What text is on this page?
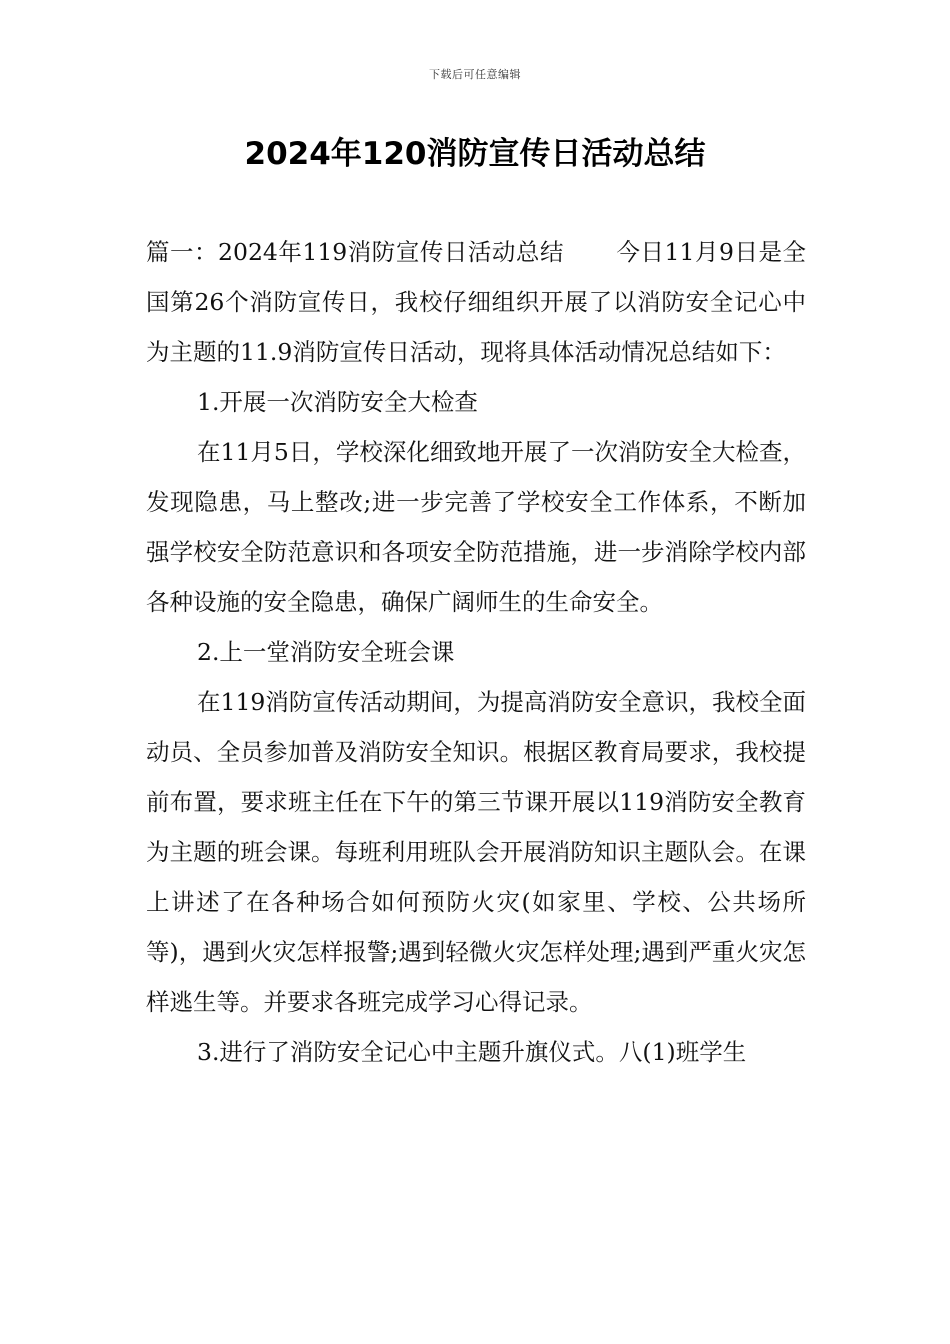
下载后可任意编辑
2024年120消防宣传日活动总结

篇一：2024年119消防宣传日活动总结 今日11月9日是全国第26个消防宣传日，我校仔细组织开展了以消防安全记心中为主题的11.9消防宣传日活动，现将具体活动情况总结如下：

1.开展一次消防安全大检查

在11月5日，学校深化细致地开展了一次消防安全大检查，发现隐患，马上整改;进一步完善了学校安全工作体系，不断加强学校安全防范意识和各项安全防范措施，进一步消除学校内部各种设施的安全隐患，确保广阔师生的生命安全。

2.上一堂消防安全班会课

在119消防宣传活动期间，为提高消防安全意识，我校全面动员、全员参加普及消防安全知识。根据区教育局要求，我校提前布置，要求班主任在下午的第三节课开展以119消防安全教育为主题的班会课。每班利用班队会开展消防知识主题队会。在课上讲述了在各种场合如何预防火灾(如家里、学校、公共场所等)，遇到火灾怎样报警;遇到轻微火灾怎样处理;遇到严重火灾怎样逃生等。并要求各班完成学习心得记录。

3.进行了消防安全记心中主题升旗仪式。八(1)班学生
